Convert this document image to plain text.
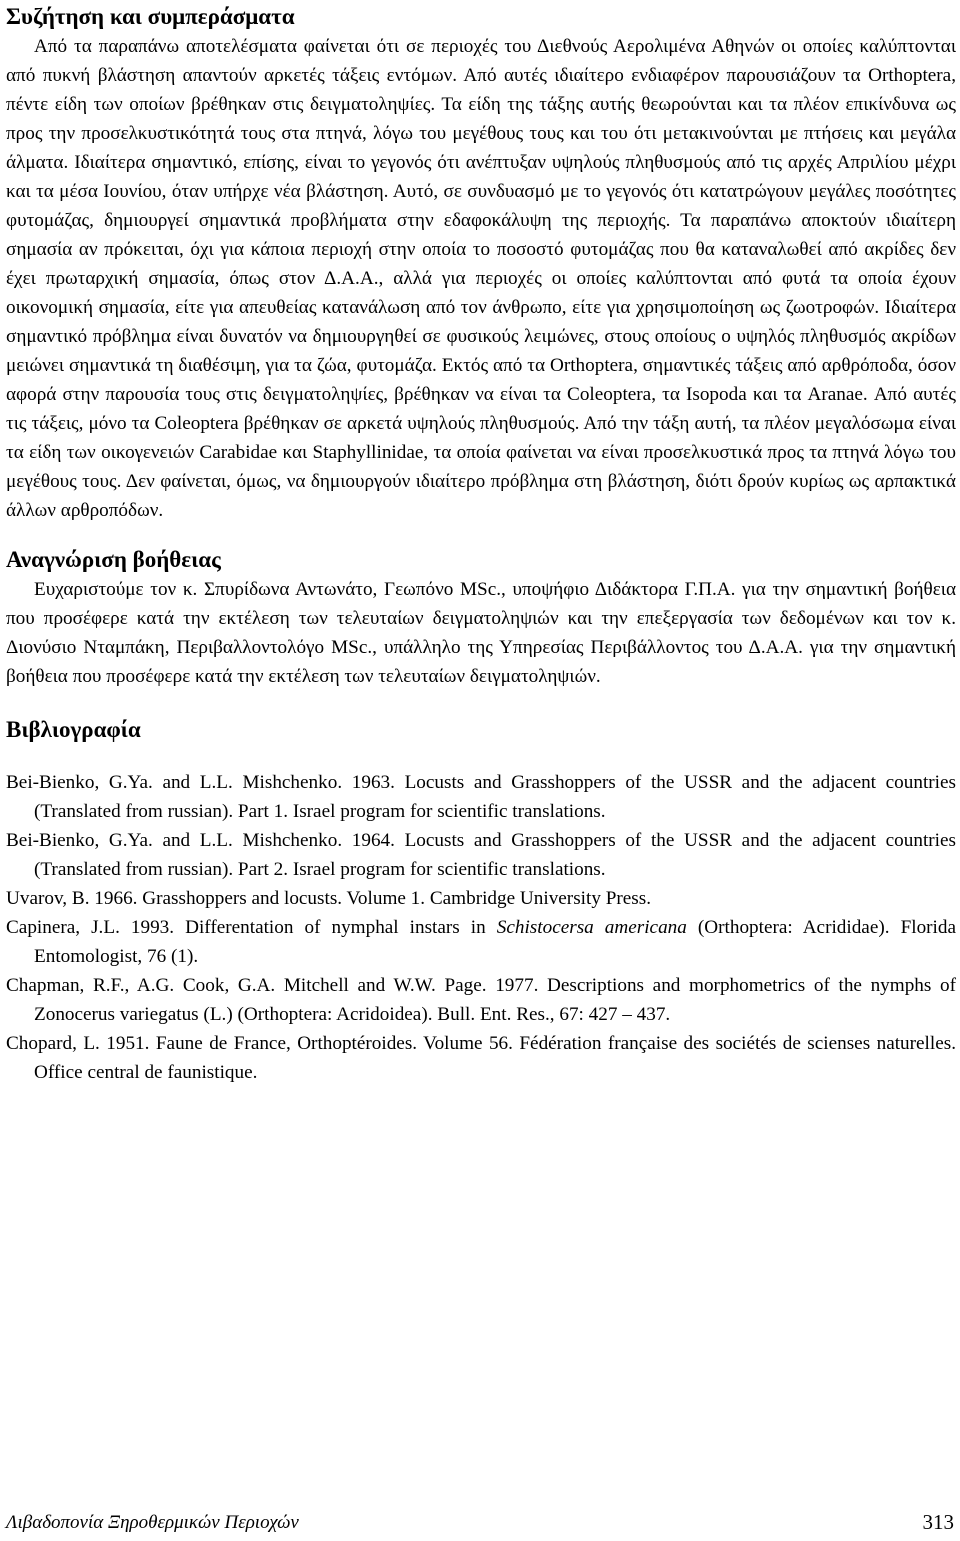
Συζήτηση και συμπεράσματα

Από τα παραπάνω αποτελέσματα φαίνεται ότι σε περιοχές του Διεθνούς Αερολιμένα Αθηνών οι οποίες καλύπτονται από πυκνή βλάστηση απαντούν αρκετές τάξεις εντόμων. Από αυτές ιδιαίτερο ενδιαφέρον παρουσιάζουν τα Orthoptera, πέντε είδη των οποίων βρέθηκαν στις δειγματοληψίες. Τα είδη της τάξης αυτής θεωρούνται και τα πλέον επικίνδυνα ως προς την προσελκυστικότητά τους στα πτηνά, λόγω του μεγέθους τους και του ότι μετακινούνται με πτήσεις και μεγάλα άλματα. Ιδιαίτερα σημαντικό, επίσης, είναι το γεγονός ότι ανέπτυξαν υψηλούς πληθυσμούς από τις αρχές Απριλίου μέχρι και τα μέσα Ιουνίου, όταν υπήρχε νέα βλάστηση. Αυτό, σε συνδυασμό με το γεγονός ότι κατατρώγουν μεγάλες ποσότητες φυτομάζας, δημιουργεί σημαντικά προβλήματα στην εδαφοκάλυψη της περιοχής. Τα παραπάνω αποκτούν ιδιαίτερη σημασία αν πρόκειται, όχι για κάποια περιοχή στην οποία το ποσοστό φυτομάζας που θα καταναλωθεί από ακρίδες δεν έχει πρωταρχική σημασία, όπως στον Δ.Α.Α., αλλά για περιοχές οι οποίες καλύπτονται από φυτά τα οποία έχουν οικονομική σημασία, είτε για απευθείας κατανάλωση από τον άνθρωπο, είτε για χρησιμοποίηση ως ζωοτροφών. Ιδιαίτερα σημαντικό πρόβλημα είναι δυνατόν να δημιουργηθεί σε φυσικούς λειμώνες, στους οποίους ο υψηλός πληθυσμός ακρίδων μειώνει σημαντικά τη διαθέσιμη, για τα ζώα, φυτομάζα. Εκτός από τα Orthoptera, σημαντικές τάξεις από αρθρόποδα, όσον αφορά στην παρουσία τους στις δειγματοληψίες, βρέθηκαν να είναι τα Coleoptera, τα Isopoda και τα Aranae. Από αυτές τις τάξεις, μόνο τα Coleoptera βρέθηκαν σε αρκετά υψηλούς πληθυσμούς. Από την τάξη αυτή, τα πλέον μεγαλόσωμα είναι τα είδη των οικογενειών Carabidae και Staphyllinidae, τα οποία φαίνεται να είναι προσελκυστικά προς τα πτηνά λόγω του μεγέθους τους. Δεν φαίνεται, όμως, να δημιουργούν ιδιαίτερο πρόβλημα στη βλάστηση, διότι δρούν κυρίως ως αρπακτικά άλλων αρθροπόδων.

Αναγνώριση βοήθειας

Ευχαριστούμε τον κ. Σπυρίδωνα Αντωνάτο, Γεωπόνο MSc., υποψήφιο Διδάκτορα Γ.Π.Α. για την σημαντική βοήθεια που προσέφερε κατά την εκτέλεση των τελευταίων δειγματοληψιών και την επεξεργασία των δεδομένων και τον κ. Διονύσιο Νταμπάκη, Περιβαλλοντολόγο MSc., υπάλληλο της Υπηρεσίας Περιβάλλοντος του Δ.Α.Α. για την σημαντική βοήθεια που προσέφερε κατά την εκτέλεση των τελευταίων δειγματοληψιών.

Βιβλιογραφία

Bei-Bienko, G.Ya. and L.L. Mishchenko. 1963. Locusts and Grasshoppers of the USSR and the adjacent countries (Translated from russian). Part 1. Israel program for scientific translations.

Bei-Bienko, G.Ya. and L.L. Mishchenko. 1964. Locusts and Grasshoppers of the USSR and the adjacent countries (Translated from russian). Part 2. Israel program for scientific translations.

Uvarov, B. 1966. Grasshoppers and locusts. Volume 1. Cambridge University Press.

Capinera, J.L. 1993. Differentation of nymphal instars in Schistocersa americana (Orthoptera: Acrididae). Florida Entomologist, 76 (1).

Chapman, R.F., A.G. Cook, G.A. Mitchell and W.W. Page. 1977. Descriptions and morphometrics of the nymphs of Zonocerus variegatus (L.) (Orthoptera: Acridoidea). Bull. Ent. Res., 67: 427 – 437.

Chopard, L. 1951. Faune de France, Orthoptéroides. Volume 56. Fédération française des sociétés de scienses naturelles. Office central de faunistique.

Λιβαδοπονία Ξηροθερμικών Περιοχών	313
